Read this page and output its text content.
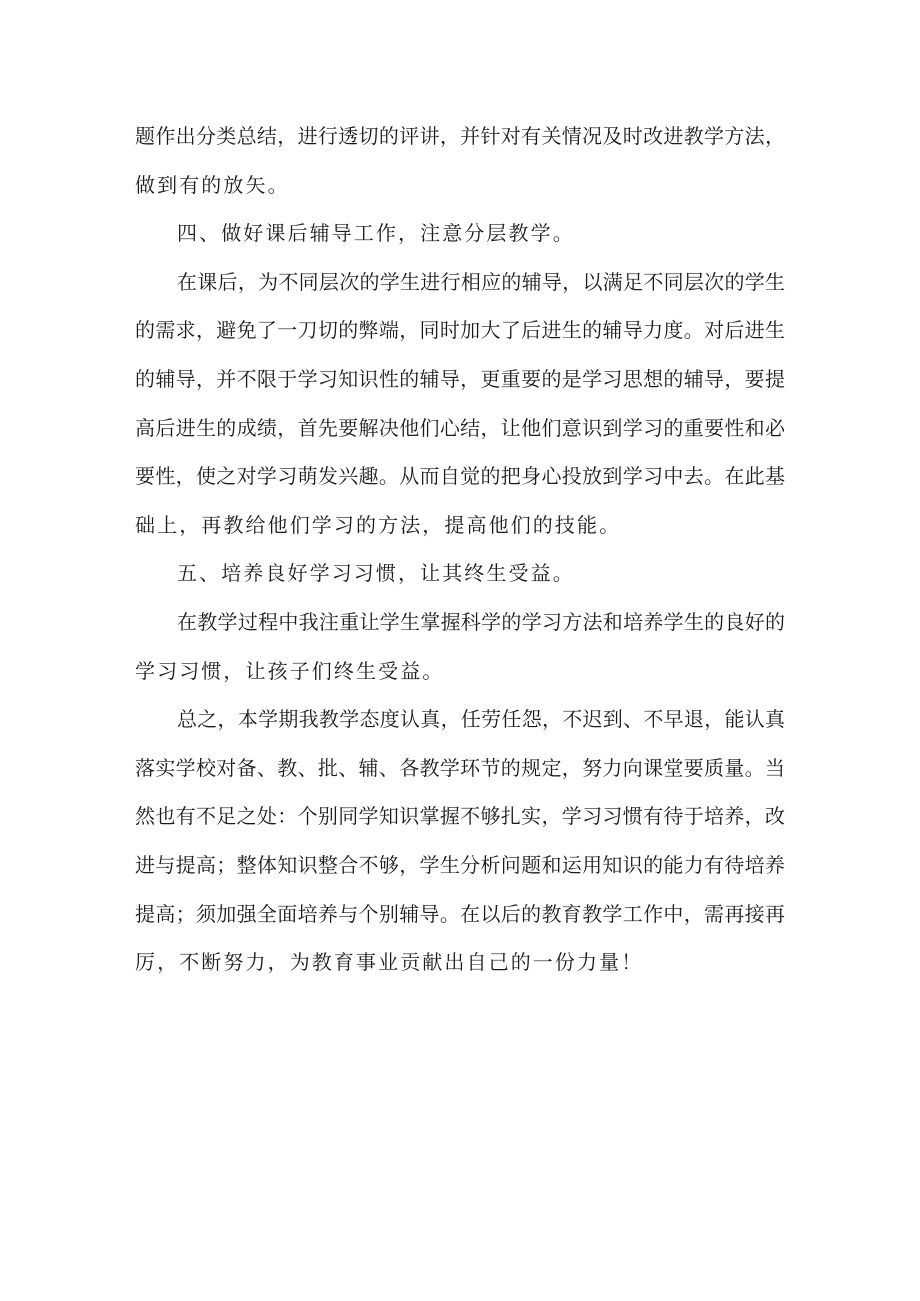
题作出分类总结，进行透切的评讲，并针对有关情况及时改进教学方法，
做到有的放矢。
四、做好课后辅导工作，注意分层教学。
在课后，为不同层次的学生进行相应的辅导，以满足不同层次的学生
的需求，避免了一刀切的弊端，同时加大了后进生的辅导力度。对后进生
的辅导，并不限于学习知识性的辅导，更重要的是学习思想的辅导，要提
高后进生的成绩，首先要解决他们心结，让他们意识到学习的重要性和必
要性，使之对学习萌发兴趣。从而自觉的把身心投放到学习中去。在此基
础上，再教给他们学习的方法，提高他们的技能。
五、培养良好学习习惯，让其终生受益。
在教学过程中我注重让学生掌握科学的学习方法和培养学生的良好的
学习习惯，让孩子们终生受益。
总之，本学期我教学态度认真，任劳任怨，不迟到、不早退，能认真
落实学校对备、教、批、辅、各教学环节的规定，努力向课堂要质量。当
然也有不足之处：个别同学知识掌握不够扎实，学习习惯有待于培养，改
进与提高；整体知识整合不够，学生分析问题和运用知识的能力有待培养
提高；须加强全面培养与个别辅导。在以后的教育教学工作中，需再接再
厉，不断努力，为教育事业贡献出自己的一份力量！
